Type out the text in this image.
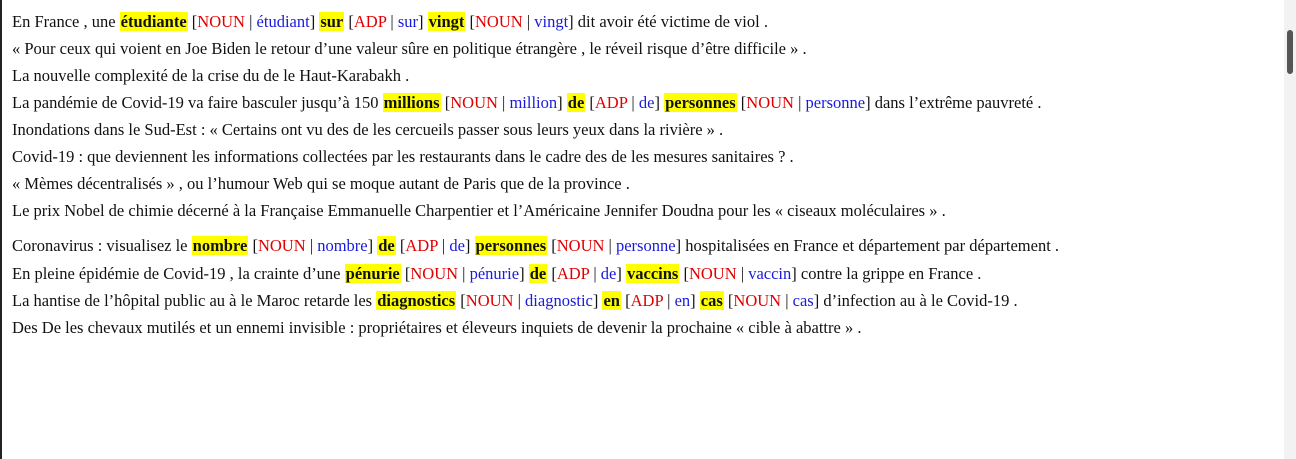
En France , une étudiante [NOUN | étudiant] sur [ADP | sur] vingt [NOUN | vingt] dit avoir été victime de viol .
« Pour ceux qui voient en Joe Biden le retour d’une valeur sûre en politique étrangère , le réveil risque d’être difficile » .
La nouvelle complexité de la crise du de le Haut-Karabakh .
La pandémie de Covid-19 va faire basculer jusqu’à 150 millions [NOUN | million] de [ADP | de] personnes [NOUN | personne] dans l’extrême pauvreté .
Inondations dans le Sud-Est : « Certains ont vu des de les cercueils passer sous leurs yeux dans la rivière » .
Covid-19 : que deviennent les informations collectées par les restaurants dans le cadre des de les mesures sanitaires ? .
« Mèmes décentralisés » , ou l’humour Web qui se moque autant de Paris que de la province .
Le prix Nobel de chimie décerné à la Française Emmanuelle Charpentier et l’Américaine Jennifer Doudna pour les « ciseaux moléculaires » .
Coronavirus : visualisez le nombre [NOUN | nombre] de [ADP | de] personnes [NOUN | personne] hospitalisées en France et département par département .
En pleine épidémie de Covid-19 , la crainte d’une pénurie [NOUN | pénurie] de [ADP | de] vaccins [NOUN | vaccin] contre la grippe en France .
La hantise de l’hôpital public au à le Maroc retarde les diagnostics [NOUN | diagnostic] en [ADP | en] cas [NOUN | cas] d’infection au à le Covid-19 .
Des De les chevaux mutilés et un ennemi invisible : propriétaires et éleveurs inquiets de devenir la prochaine « cible à abattre » .
